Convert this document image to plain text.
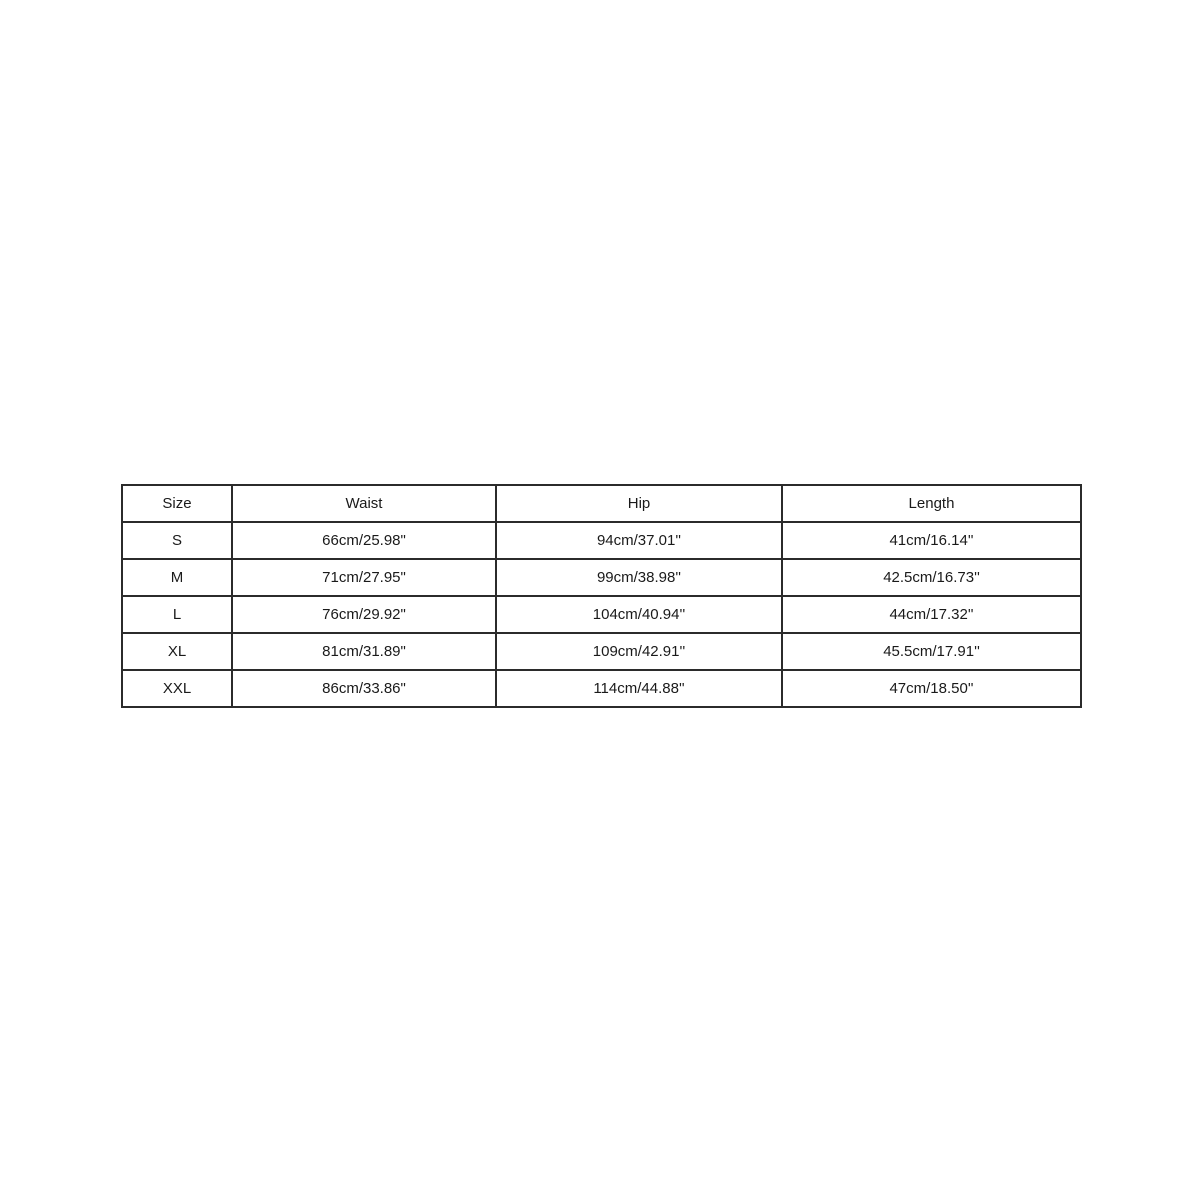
Size	Waist	Hip	Length
S	66cm/25.98"	94cm/37.01''	41cm/16.14''
M	71cm/27.95"	99cm/38.98''	42.5cm/16.73''
L	76cm/29.92"	104cm/40.94''	44cm/17.32''
XL	81cm/31.89"	109cm/42.91''	45.5cm/17.91''
XXL	86cm/33.86"	114cm/44.88''	47cm/18.50''
